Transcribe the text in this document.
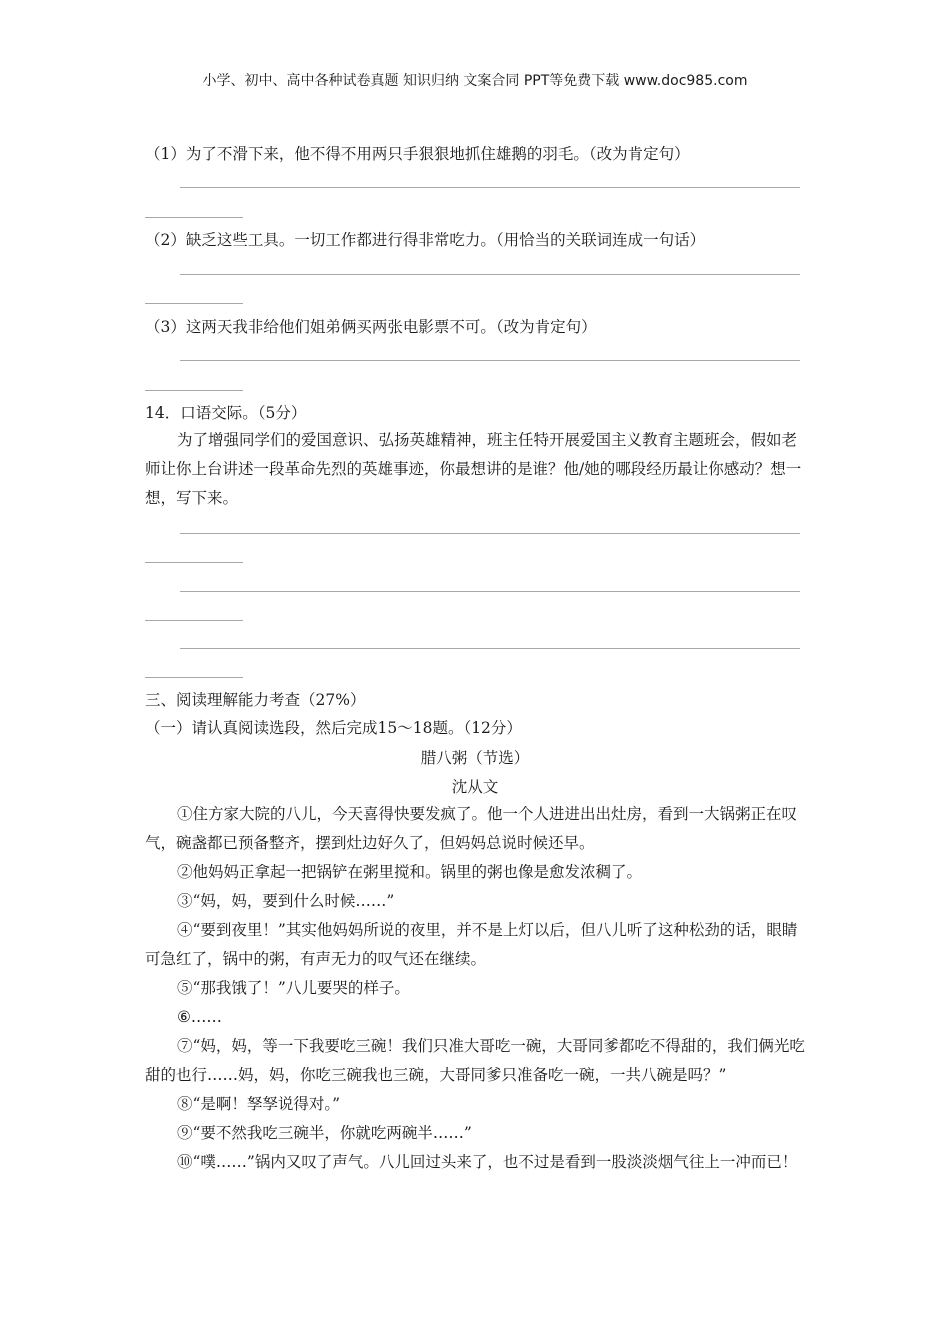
小学、初中、高中各种试卷真题 知识归纳 文案合同 PPT等免费下载 www.doc985.com
（1）为了不滑下来，他不得不用两只手狠狠地抓住雄鹅的羽毛。（改为肯定句）
（2）缺乏这些工具。一切工作都进行得非常吃力。（用恰当的关联词连成一句话）
（3）这两天我非给他们姐弟俩买两张电影票不可。（改为肯定句）
14．口语交际。（5分）
为了增强同学们的爱国意识、弘扬英雄精神，班主任特开展爱国主义教育主题班会，假如老师让你上台讲述一段革命先烈的英雄事迹，你最想讲的是谁？他/她的哪段经历最让你感动？想一想，写下来。
三、阅读理解能力考查（27%）
（一）请认真阅读选段，然后完成15～18题。（12分）
腊八粥（节选）
沈从文
①住方家大院的八儿，今天喜得快要发疯了。他一个人进进出出灶房，看到一大锅粥正在叹气，碗盏都已预备整齐，摆到灶边好久了，但妈妈总说时候还早。
②他妈妈正拿起一把锅铲在粥里搅和。锅里的粥也像是愈发浓稠了。
③“妈，妈，要到什么时候……”
④“要到夜里！”其实他妈妈所说的夜里，并不是上灯以后，但八儿听了这种松劲的话，眼睛可急红了，锅中的粥，有声无力的叹气还在继续。
⑤“那我饿了！”八儿要哭的样子。
⑥……
⑦“妈，妈，等一下我要吃三碗！我们只准大哥吃一碗，大哥同爹都吃不得甜的，我们俩光吃甜的也行……妈，妈，你吃三碗我也三碗，大哥同爹只准备吃一碗，一共八碗是吗？”
⑧“是啊！孥孥说得对。”
⑨“要不然我吃三碗半，你就吃两碗半……”
⑩“噗……”锅内又叹了声气。八儿回过头来了，也不过是看到一股淡淡烟气往上一冲而已！
